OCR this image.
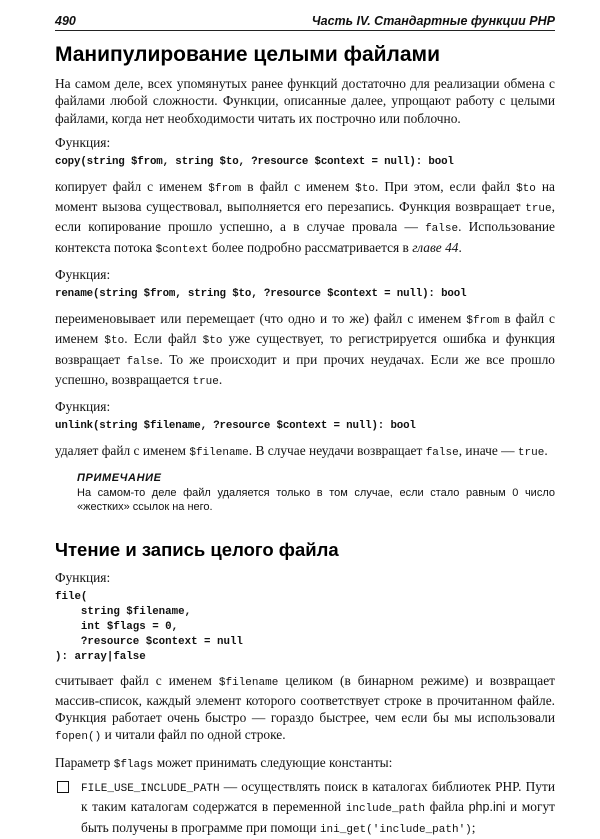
490	Часть IV. Стандартные функции PHP
Манипулирование целыми файлами

На самом деле, всех упомянутых ранее функций достаточно для реализации обмена с файлами любой сложности. Функции, описанные далее, упрощают работу с целыми файлами, когда нет необходимости читать их построчно или поблочно.

Функция:

copy(string $from, string $to, ?resource $context = null): bool

копирует файл с именем $from в файл с именем $to. При этом, если файл $to на момент вызова существовал, выполняется его перезапись. Функция возвращает true, если копирование прошло успешно, а в случае провала — false. Использование контекста потока $context более подробно рассматривается в главе 44.

Функция:

rename(string $from, string $to, ?resource $context = null): bool

переименовывает или перемещает (что одно и то же) файл с именем $from в файл с именем $to. Если файл $to уже существует, то регистрируется ошибка и функция возвращает false. То же происходит и при прочих неудачах. Если же все прошло успешно, возвращается true.

Функция:

unlink(string $filename, ?resource $context = null): bool

удаляет файл с именем $filename. В случае неудачи возвращает false, иначе — true.

ПРИМЕЧАНИЕ
На самом-то деле файл удаляется только в том случае, если стало равным 0 число «жестких» ссылок на него.
Чтение и запись целого файла

Функция:

file(
string $filename,
int $flags = 0,
?resource $context = null
): array|false

считывает файл с именем $filename целиком (в бинарном режиме) и возвращает массив-список, каждый элемент которого соответствует строке в прочитанном файле. Функция работает очень быстро — гораздо быстрее, чем если бы мы использовали fopen() и читали файл по одной строке.

Параметр $flags может принимать следующие константы:

FILE_USE_INCLUDE_PATH — осуществлять поиск в каталогах библиотек PHP. Пути к таким каталогам содержатся в переменной include_path файла php.ini и могут быть получены в программе при помощи ini_get('include_path');
